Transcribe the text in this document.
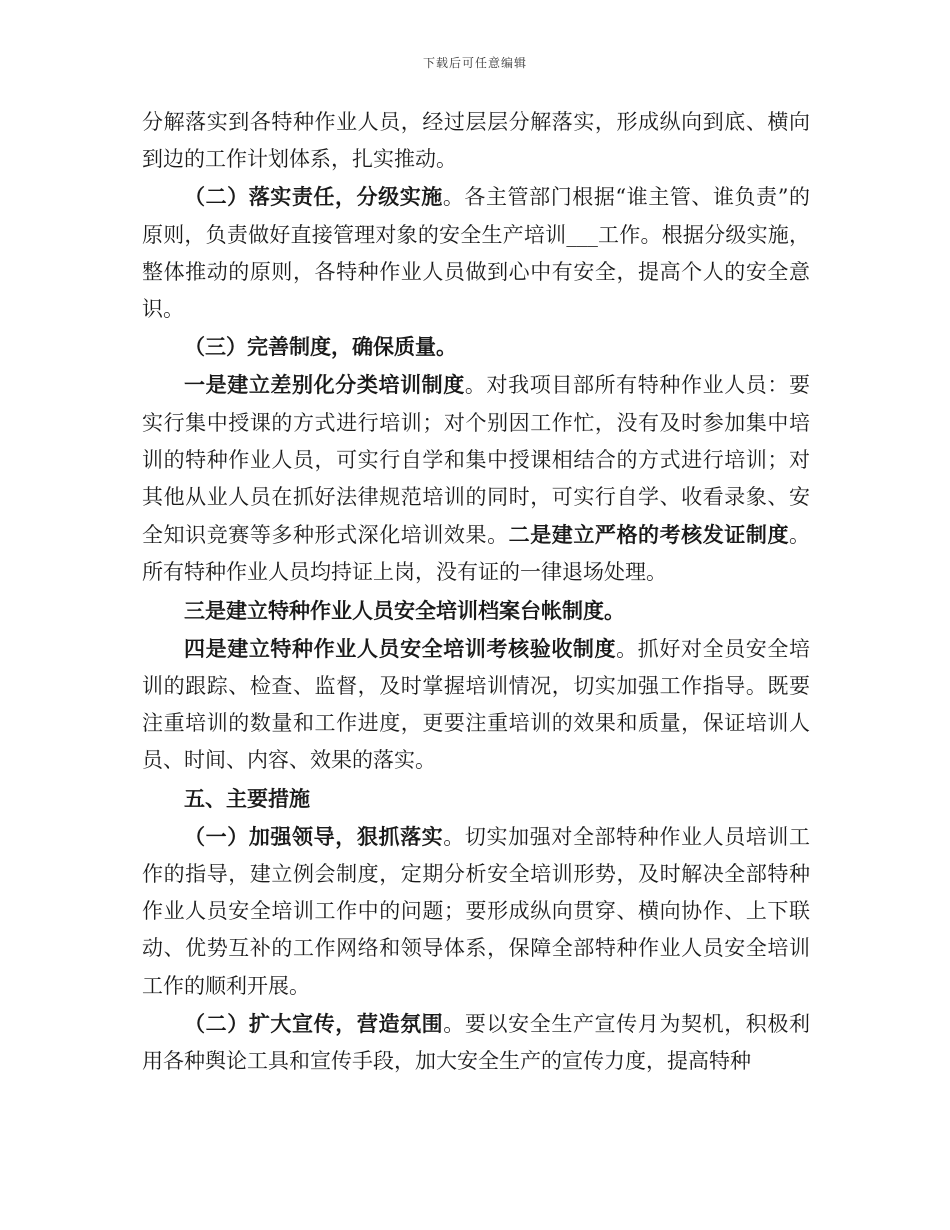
下载后可任意编辑

分解落实到各特种作业人员，经过层层分解落实，形成纵向到底、横向到边的工作计划体系，扎实推动。

（二）落实责任，分级实施。各主管部门根据“谁主管、谁负责”的原则，负责做好直接管理对象的安全生产培训___工作。根据分级实施，整体推动的原则，各特种作业人员做到心中有安全，提高个人的安全意识。

（三）完善制度，确保质量。

一是建立差别化分类培训制度。对我项目部所有特种作业人员：要实行集中授课的方式进行培训；对个别因工作忙，没有及时参加集中培训的特种作业人员，可实行自学和集中授课相结合的方式进行培训；对其他从业人员在抓好法律规范培训的同时，可实行自学、收看录象、安全知识竞赛等多种形式深化培训效果。二是建立严格的考核发证制度。所有特种作业人员均持证上岗，没有证的一律退场处理。

三是建立特种作业人员安全培训档案台帐制度。

四是建立特种作业人员安全培训考核验收制度。抓好对全员安全培训的跟踪、检查、监督，及时掌握培训情况，切实加强工作指导。既要注重培训的数量和工作进度，更要注重培训的效果和质量，保证培训人员、时间、内容、效果的落实。

五、主要措施

（一）加强领导，狠抓落实。切实加强对全部特种作业人员培训工作的指导，建立例会制度，定期分析安全培训形势，及时解决全部特种作业人员安全培训工作中的问题；要形成纵向贯穿、横向协作、上下联动、优势互补的工作网络和领导体系，保障全部特种作业人员安全培训工作的顺利开展。

（二）扩大宣传，营造氛围。要以安全生产宣传月为契机，积极利用各种舆论工具和宣传手段，加大安全生产的宣传力度，提高特种
